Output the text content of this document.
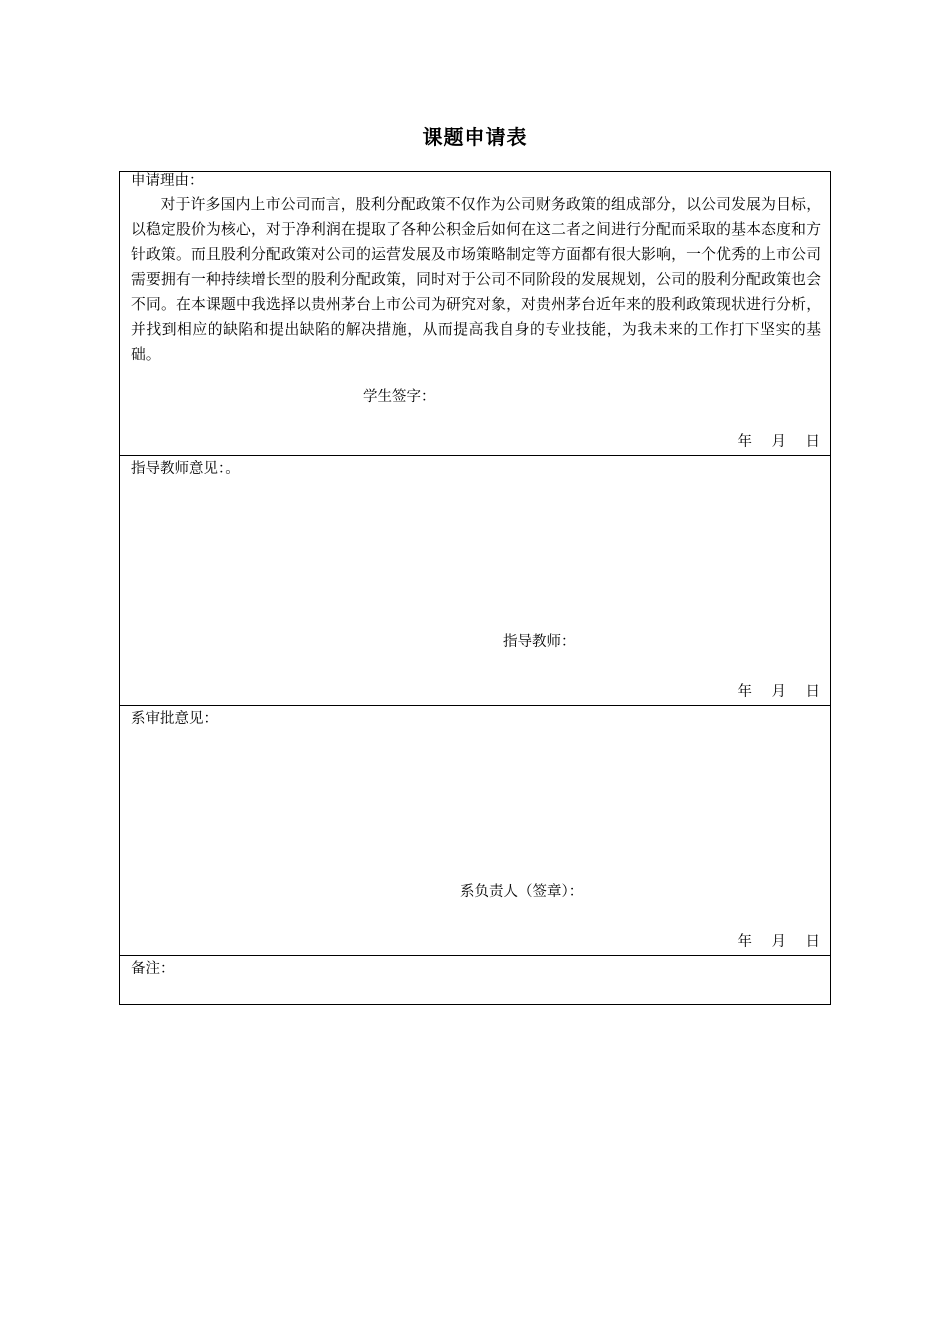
课题申请表
申请理由：
对于许多国内上市公司而言，股利分配政策不仅作为公司财务政策的组成部分，以公司发展为目标，以稳定股价为核心，对于净利润在提取了各种公积金后如何在这二者之间进行分配而采取的基本态度和方针政策。而且股利分配政策对公司的运营发展及市场策略制定等方面都有很大影响，一个优秀的上市公司需要拥有一种持续增长型的股利分配政策，同时对于公司不同阶段的发展规划，公司的股利分配政策也会不同。在本课题中我选择以贵州茅台上市公司为研究对象，对贵州茅台近年来的股利政策现状进行分析，并找到相应的缺陷和提出缺陷的解决措施，从而提高我自身的专业技能，为我未来的工作打下坚实的基础。
学生签字：
年	月	日
指导教师意见：。
指导教师：
年	月	日
系审批意见：
系负责人（签章）：
年	月	日
备注：
